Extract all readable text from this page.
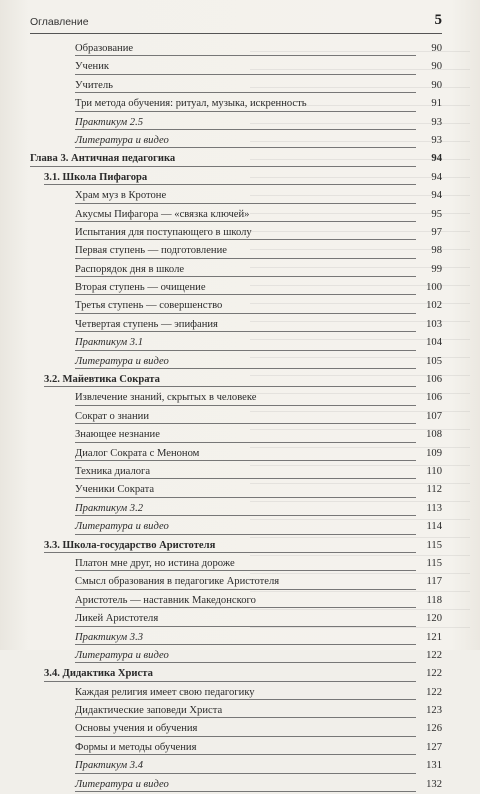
Оглавление	5
Образование	90
Ученик	90
Учитель	90
Три метода обучения: ритуал, музыка, искренность	91
Практикум 2.5	93
Литература и видео	93
Глава 3. Античная педагогика	94
3.1. Школа Пифагора	94
Храм муз в Кротоне	94
Акусмы Пифагора — «связка ключей»	95
Испытания для поступающего в школу	97
Первая ступень — подготовление	98
Распорядок дня в школе	99
Вторая ступень — очищение	100
Третья ступень — совершенство	102
Четвертая ступень — эпифания	103
Практикум 3.1	104
Литература и видео	105
3.2. Майевтика Сократа	106
Извлечение знаний, скрытых в человеке	106
Сократ о знании	107
Знающее незнание	108
Диалог Сократа с Меноном	109
Техника диалога	110
Ученики Сократа	112
Практикум 3.2	113
Литература и видео	114
3.3. Школа-государство Аристотеля	115
Платон мне друг, но истина дороже	115
Смысл образования в педагогике Аристотеля	117
Аристотель — наставник Македонского	118
Ликей Аристотеля	120
Практикум 3.3	121
Литература и видео	122
3.4. Дидактика Христа	122
Каждая религия имеет свою педагогику	122
Дидактические заповеди Христа	123
Основы учения и обучения	126
Формы и методы обучения	127
Практикум 3.4	131
Литература и видео	132
